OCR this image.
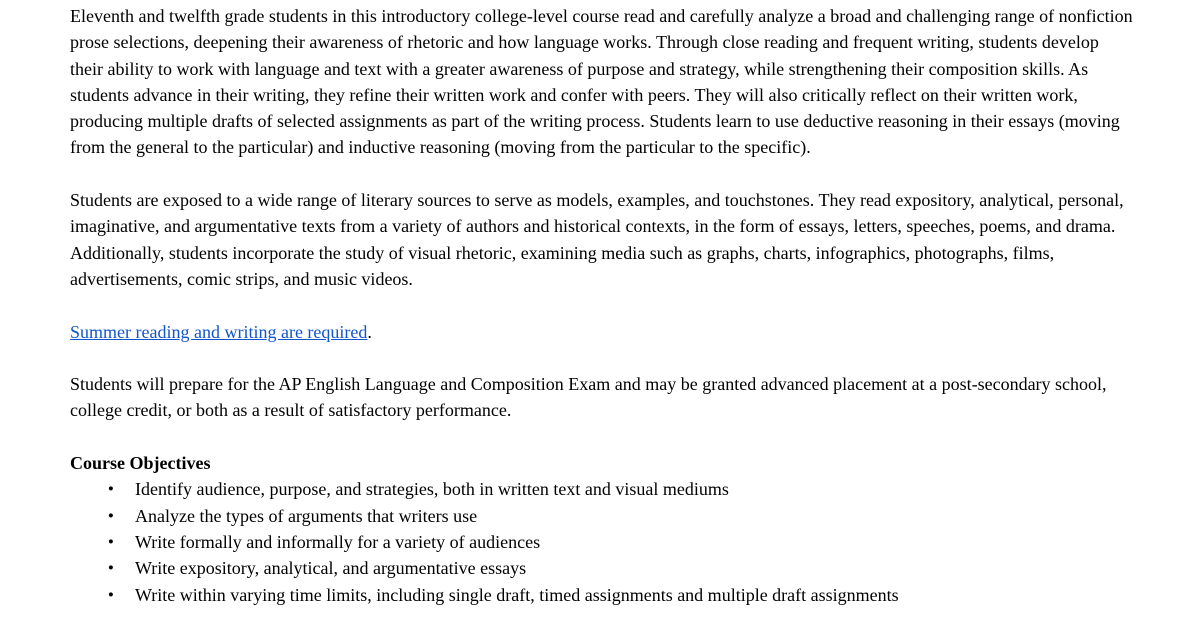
Eleventh and twelfth grade students in this introductory college-level course read and carefully analyze a broad and challenging range of nonfiction prose selections, deepening their awareness of rhetoric and how language works. Through close reading and frequent writing, students develop their ability to work with language and text with a greater awareness of purpose and strategy, while strengthening their composition skills. As students advance in their writing, they refine their written work and confer with peers. They will also critically reflect on their written work, producing multiple drafts of selected assignments as part of the writing process. Students learn to use deductive reasoning in their essays (moving from the general to the particular) and inductive reasoning (moving from the particular to the specific).

Students are exposed to a wide range of literary sources to serve as models, examples, and touchstones. They read expository, analytical, personal, imaginative, and argumentative texts from a variety of authors and historical contexts, in the form of essays, letters, speeches, poems, and drama. Additionally, students incorporate the study of visual rhetoric, examining media such as graphs, charts, infographics, photographs, films, advertisements, comic strips, and music videos.

Summer reading and writing are required.

Students will prepare for the AP English Language and Composition Exam and may be granted advanced placement at a post-secondary school, college credit, or both as a result of satisfactory performance.

Course Objectives
● Identify audience, purpose, and strategies, both in written text and visual mediums
● Analyze the types of arguments that writers use
● Write formally and informally for a variety of audiences
● Write expository, analytical, and argumentative essays
● Write within varying time limits, including single draft, timed assignments and multiple draft assignments
